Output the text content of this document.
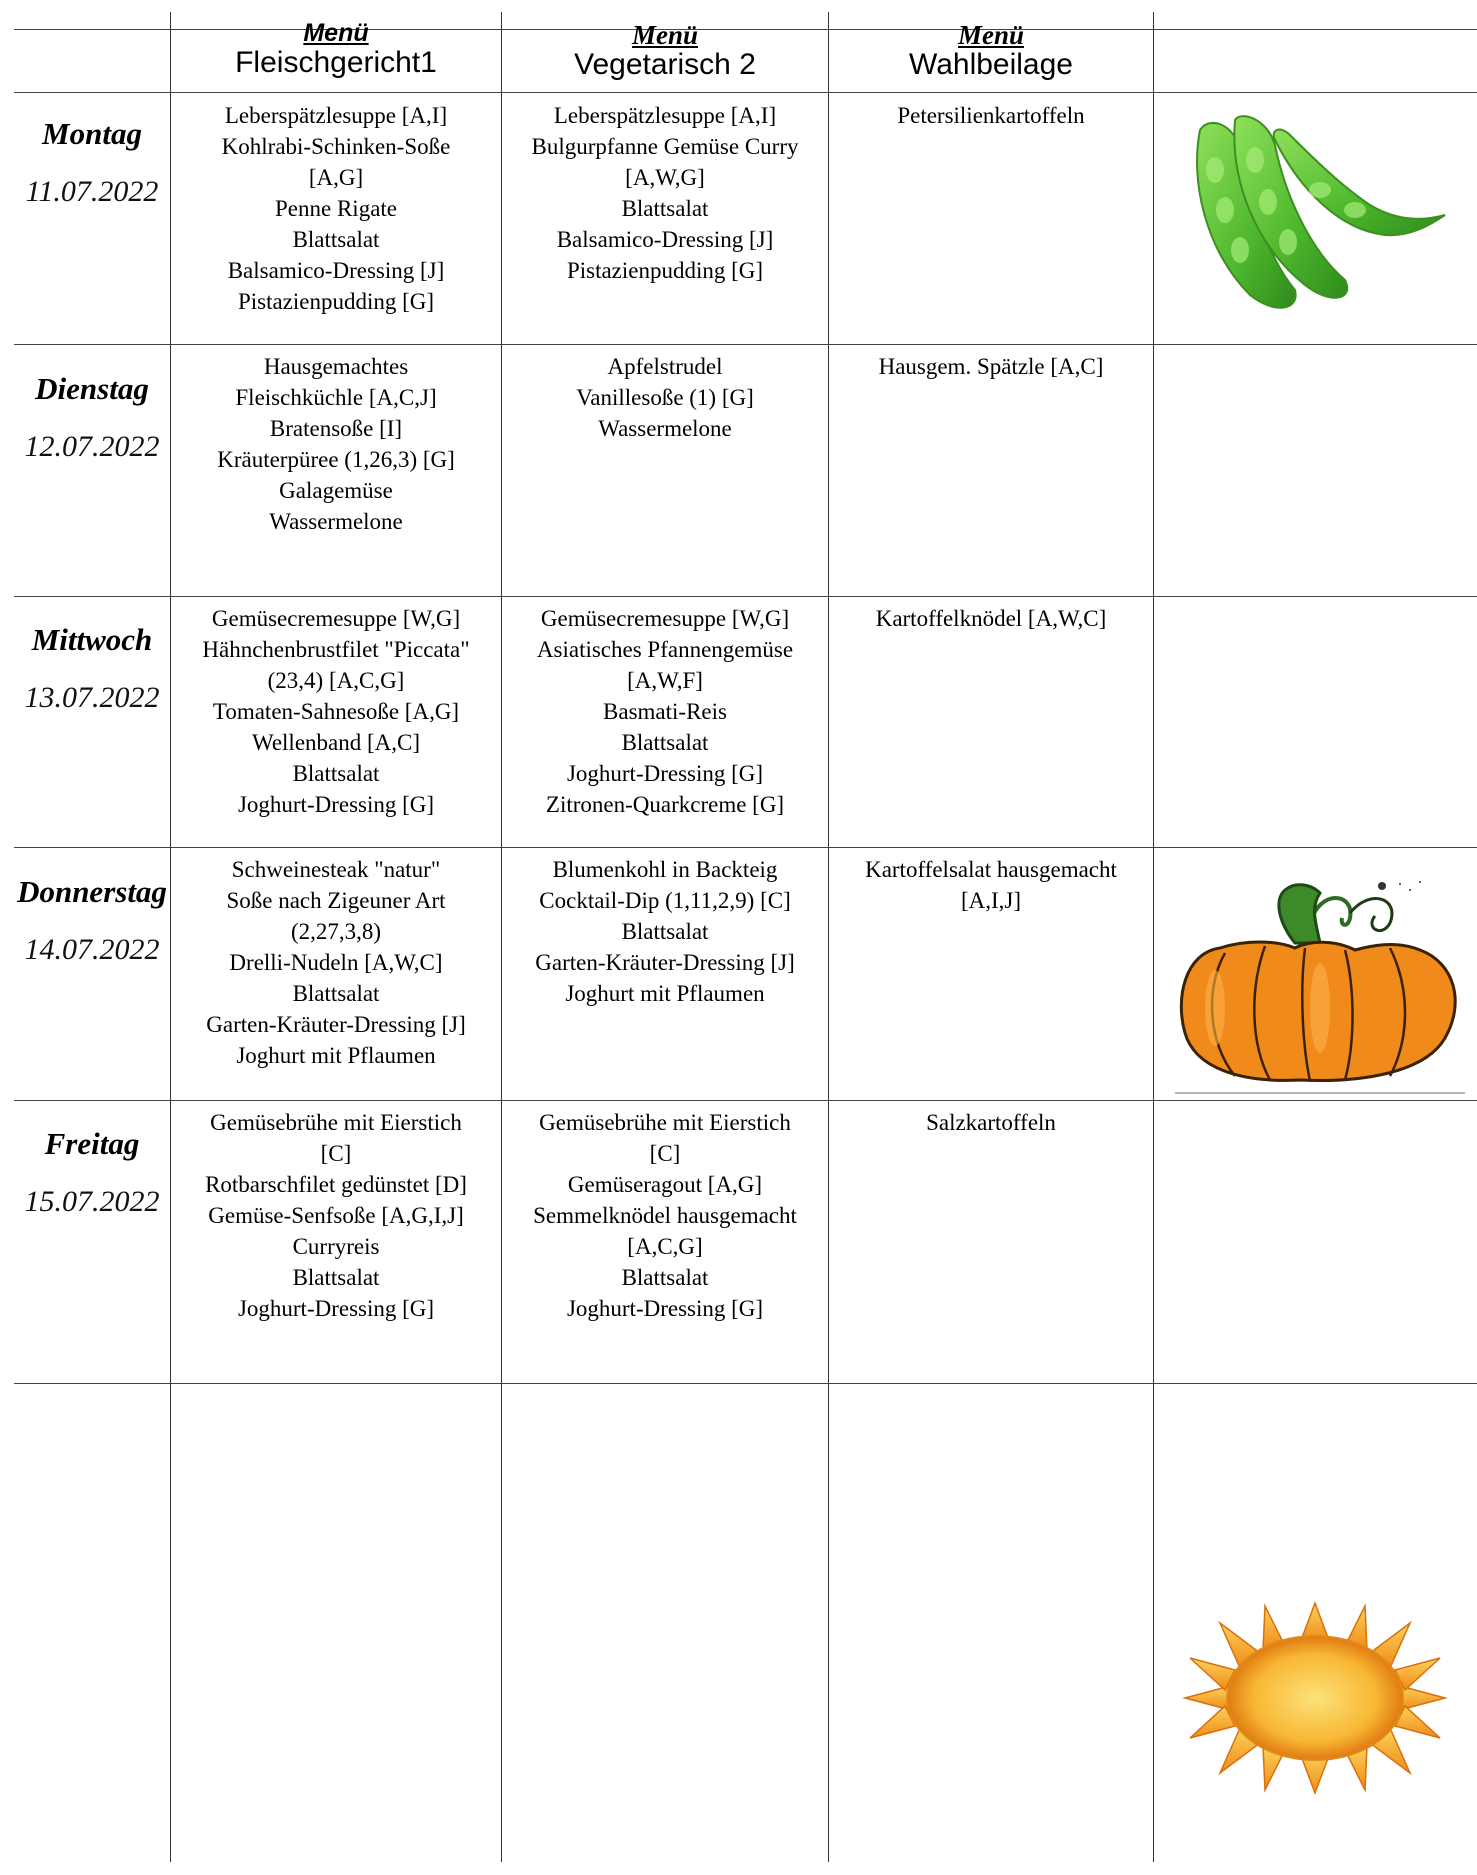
Menü
Fleischgericht1
Menü
Vegetarisch 2
Menü
Wahlbeilage
Montag
11.07.2022
Dienstag
12.07.2022
Mittwoch
13.07.2022
Donnerstag
14.07.2022
Freitag
15.07.2022
Leberspätzlesuppe [A,I]
Kohlrabi-Schinken-Soße
[A,G]
Penne Rigate
Blattsalat
Balsamico-Dressing [J]
Pistazienpudding [G]
Leberspätzlesuppe [A,I]
Bulgurpfanne Gemüse Curry
[A,W,G]
Blattsalat
Balsamico-Dressing [J]
Pistazienpudding [G]
Petersilienkartoffeln
Hausgemachtes
Fleischküchle [A,C,J]
Bratensoße [I]
Kräuterpüree (1,26,3) [G]
Galagemüse
Wassermelone
Apfelstrudel
Vanillesoße (1) [G]
Wassermelone
Hausgem. Spätzle [A,C]
Gemüsecremesuppe [W,G]
Hähnchenbrustfilet "Piccata"
(23,4) [A,C,G]
Tomaten-Sahnesoße [A,G]
Wellenband [A,C]
Blattsalat
Joghurt-Dressing [G]
Gemüsecremesuppe [W,G]
Asiatisches Pfannengemüse
[A,W,F]
Basmati-Reis
Blattsalat
Joghurt-Dressing [G]
Zitronen-Quarkcreme [G]
Kartoffelknödel [A,W,C]
Schweinesteak "natur"
Soße nach Zigeuner Art
(2,27,3,8)
Drelli-Nudeln [A,W,C]
Blattsalat
Garten-Kräuter-Dressing [J]
Joghurt mit Pflaumen
Blumenkohl in Backteig
Cocktail-Dip (1,11,2,9) [C]
Blattsalat
Garten-Kräuter-Dressing [J]
Joghurt mit Pflaumen
Kartoffelsalat hausgemacht
[A,I,J]
Gemüsebrühe mit Eierstich
[C]
Rotbarschfilet gedünstet [D]
Gemüse-Senfsoße [A,G,I,J]
Curryreis
Blattsalat
Joghurt-Dressing [G]
Gemüsebrühe mit Eierstich
[C]
Gemüseragout [A,G]
Semmelknödel hausgemacht
[A,C,G]
Blattsalat
Joghurt-Dressing [G]
Salzkartoffeln
